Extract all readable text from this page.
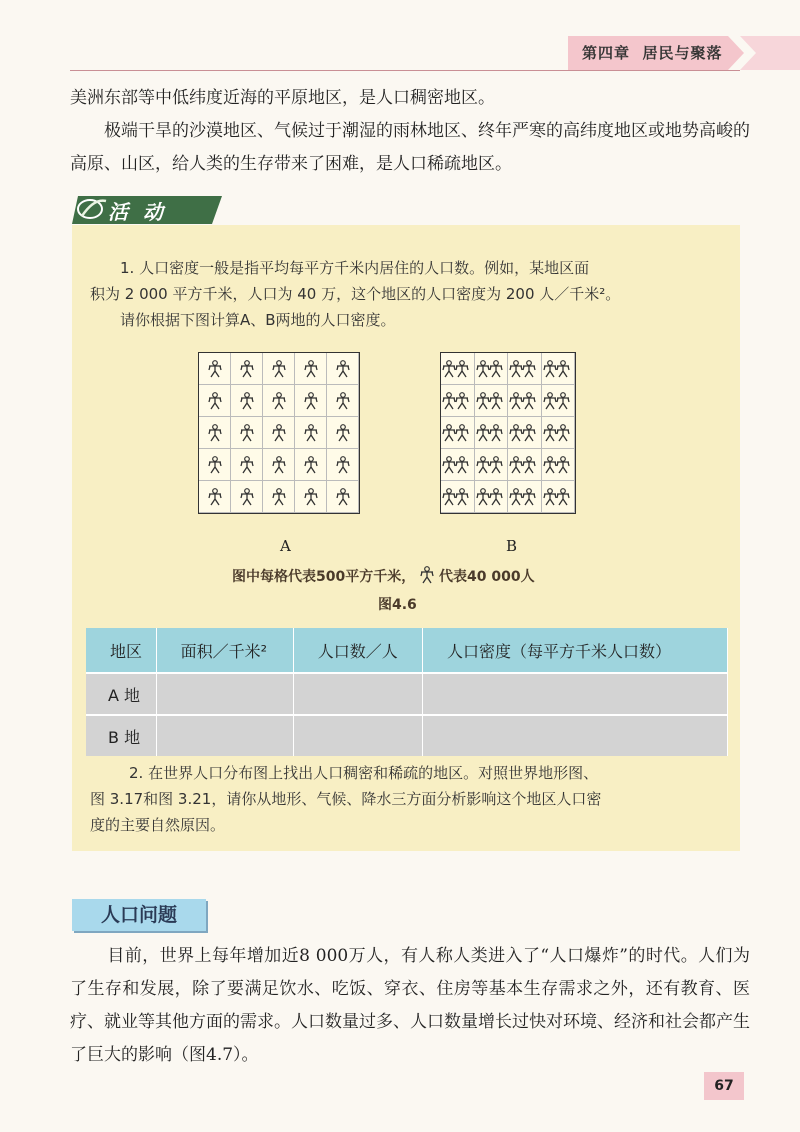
第四章 居民与聚落
美洲东部等中低纬度近海的平原地区，是人口稠密地区。
极端干旱的沙漠地区、气候过于潮湿的雨林地区、终年严寒的高纬度地区或地势高峻的高原、山区，给人类的生存带来了困难，是人口稀疏地区。
活 动
1. 人口密度一般是指平均每平方千米内居住的人口数。例如，某地区面
积为 2 000 平方千米，人口为 40 万，这个地区的人口密度为 200 人／千米²。
请你根据下图计算A、B两地的人口密度。
A	B
图中每格代表500平方千米， 代表40 000人
图4.6
地区	面积／千米²	人口数／人	人口密度（每平方千米人口数）
A 地			
B 地			
2. 在世界人口分布图上找出人口稠密和稀疏的地区。对照世界地形图、
图 3.17和图 3.21，请你从地形、气候、降水三方面分析影响这个地区人口密
度的主要自然原因。
人口问题
目前，世界上每年增加近8 000万人，有人称人类进入了“人口爆炸”的时代。人们为了生存和发展，除了要满足饮水、吃饭、穿衣、住房等基本生存需求之外，还有教育、医疗、就业等其他方面的需求。人口数量过多、人口数量增长过快对环境、经济和社会都产生了巨大的影响（图4.7）。
67
